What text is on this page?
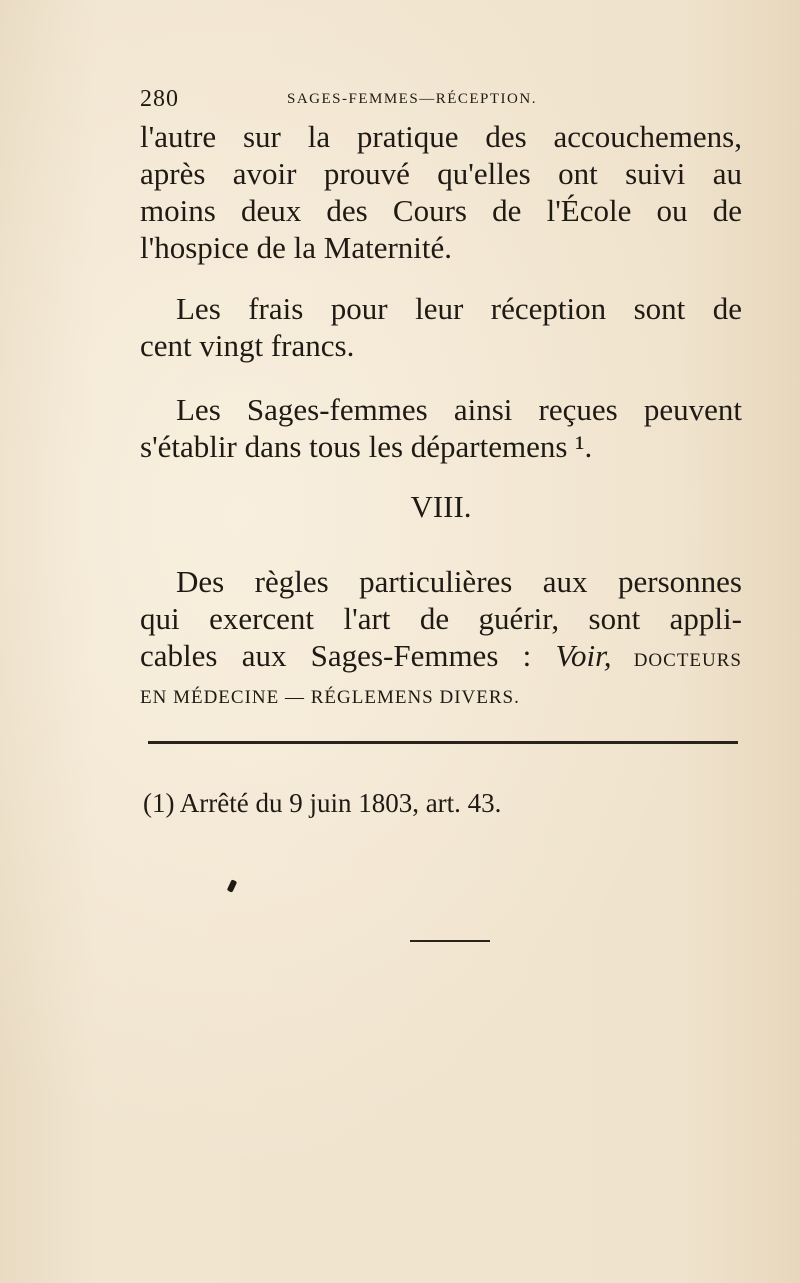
280	SAGES-FEMMES—RÉCEPTION.
l'autre sur la pratique des accouchemens,
après avoir prouvé qu'elles ont suivi au
moins deux des Cours de l'École ou de
l'hospice de la Maternité.
Les frais pour leur réception sont de
cent vingt francs.
Les Sages-femmes ainsi reçues peuvent
s'établir dans tous les départemens ¹.
VIII.
Des règles particulières aux personnes
qui exercent l'art de guérir, sont appli-
cables aux Sages-Femmes : Voir, DOCTEURS
EN MÉDECINE — RÉGLEMENS DIVERS.
(1) Arrêté du 9 juin 1803, art. 43.
